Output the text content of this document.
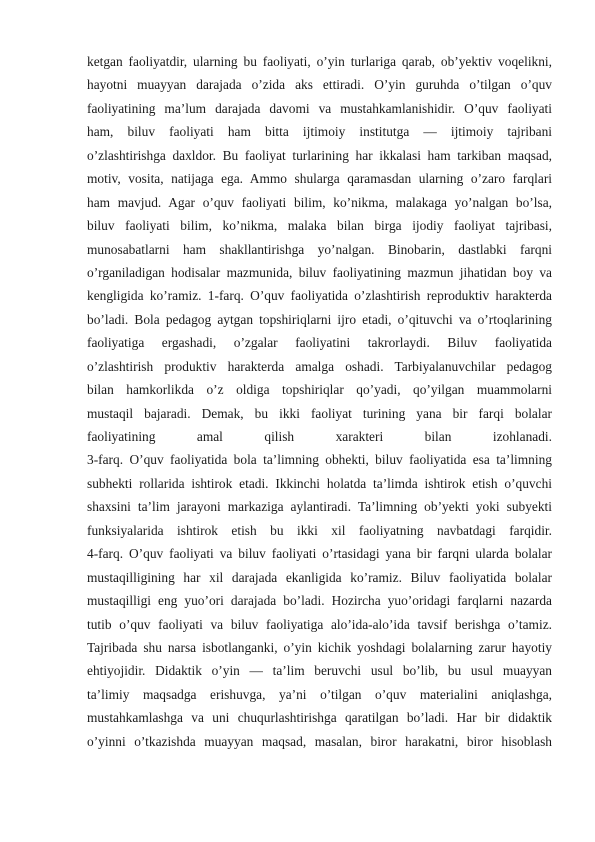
ketgan faoliyatdir, ularning bu faoliyati, o’yin turlariga qarab, ob’yektiv voqelikni,
hayotni muayyan darajada o’zida aks ettiradi. O’yin guruhda o’tilgan o’quv
faoliyatining ma’lum darajada davomi va mustahkamlanishidir. O’quv faoliyati
ham, biluv faoliyati ham bitta ijtimoiy institutga — ijtimoiy tajribani
o’zlashtirishga daxldor. Bu faoliyat turlarining har ikkalasi ham tarkiban maqsad,
motiv, vosita, natijaga ega. Ammo shularga qaramasdan ularning o’zaro farqlari
ham mavjud. Agar o’quv faoliyati bilim, ko’nikma, malakaga yo’nalgan bo’lsa,
biluv faoliyati bilim, ko’nikma, malaka bilan birga ijodiy faoliyat tajribasi,
munosabatlarni ham shakllantirishga yo’nalgan. Binobarin, dastlabki farqni
o’rganiladigan hodisalar mazmunida, biluv faoliyatining mazmun jihatidan boy va
kengligida ko’ramiz. 1-farq. O’quv faoliyatida o’zlashtirish reproduktiv harakterda
bo’ladi. Bola pedagog aytgan topshiriqlarni ijro etadi, o’qituvchi va o’rtoqlarining
faoliyatiga ergashadi, o’zgalar faoliyatini takrorlaydi. Biluv faoliyatida
o’zlashtirish produktiv harakterda amalga oshadi. Tarbiyalanuvchilar pedagog
bilan hamkorlikda o’z oldiga topshiriqlar qo’yadi, qo’yilgan muammolarni
mustaqil bajaradi. Demak, bu ikki faoliyat turining yana bir farqi bolalar
faoliyatining amal qilish xarakteri bilan izohlanadi.
3-farq. O’quv faoliyatida bola ta’limning obhekti, biluv faoliyatida esa ta’limning
subhekti rollarida ishtirok etadi. Ikkinchi holatda ta’limda ishtirok etish o’quvchi
shaxsini ta’lim jarayoni markaziga aylantiradi. Ta’limning ob’yekti yoki subyekti
funksiyalarida ishtirok etish bu ikki xil faoliyatning navbatdagi farqidir.
4-farq. O’quv faoliyati va biluv faoliyati o’rtasidagi yana bir farqni ularda bolalar
mustaqilligining har xil darajada ekanligida ko’ramiz. Biluv faoliyatida bolalar
mustaqilligi eng yuo’ori darajada bo’ladi. Hozircha yuo’oridagi farqlarni nazarda
tutib o’quv faoliyati va biluv faoliyatiga alo’ida-alo’ida tavsif berishga o’tamiz.
Tajribada shu narsa isbotlanganki, o’yin kichik yoshdagi bolalarning zarur hayotiy
ehtiyojidir. Didaktik o’yin — ta’lim beruvchi usul bo’lib, bu usul muayyan
ta’limiy maqsadga erishuvga, ya’ni o’tilgan o’quv materialini aniqlashga,
mustahkamlashga va uni chuqurlashtirishga qaratilgan bo’ladi. Har bir didaktik
o’yinni o’tkazishda muayyan maqsad, masalan, biror harakatni, biror hisoblash
